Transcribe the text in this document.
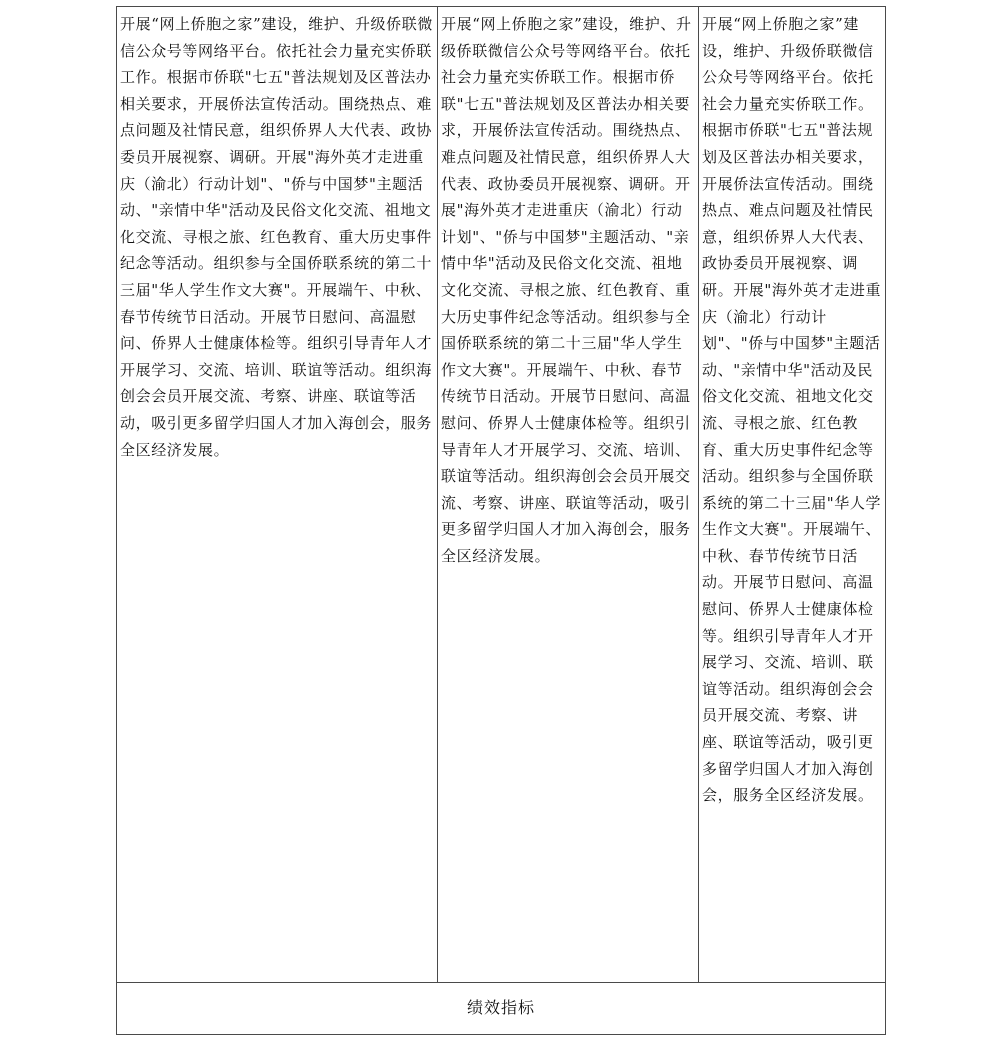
开展“网上侨胞之家”建设，维护、升级侨联微信公众号等网络平台。依托社会力量充实侨联工作。根据市侨联"七五"普法规划及区普法办相关要求，开展侨法宣传活动。围绕热点、难点问题及社情民意，组织侨界人大代表、政协委员开展视察、调研。开展"海外英才走进重庆（渝北）行动计划"、"侨与中国梦"主题活动、"亲情中华"活动及民俗文化交流、祖地文化交流、寻根之旅、红色教育、重大历史事件纪念等活动。组织参与全国侨联系统的第二十三届"华人学生作文大赛"。开展端午、中秋、春节传统节日活动。开展节日慰问、高温慰问、侨界人士健康体检等。组织引导青年人才开展学习、交流、培训、联谊等活动。组织海创会会员开展交流、考察、讲座、联谊等活动，吸引更多留学归国人才加入海创会，服务全区经济发展。	开展“网上侨胞之家”建设，维护、升级侨联微信公众号等网络平台。依托社会力量充实侨联工作。根据市侨联"七五"普法规划及区普法办相关要求，开展侨法宣传活动。围绕热点、难点问题及社情民意，组织侨界人大代表、政协委员开展视察、调研。开展"海外英才走进重庆（渝北）行动计划"、"侨与中国梦"主题活动、"亲情中华"活动及民俗文化交流、祖地文化交流、寻根之旅、红色教育、重大历史事件纪念等活动。组织参与全国侨联系统的第二十三届"华人学生作文大赛"。开展端午、中秋、春节传统节日活动。开展节日慰问、高温慰问、侨界人士健康体检等。组织引导青年人才开展学习、交流、培训、联谊等活动。组织海创会会员开展交流、考察、讲座、联谊等活动，吸引更多留学归国人才加入海创会，服务全区经济发展。	开展“网上侨胞之家”建设，维护、升级侨联微信公众号等网络平台。依托社会力量充实侨联工作。根据市侨联"七五"普法规划及区普法办相关要求，开展侨法宣传活动。围绕热点、难点问题及社情民意，组织侨界人大代表、政协委员开展视察、调研。开展"海外英才走进重庆（渝北）行动计划"、"侨与中国梦"主题活动、"亲情中华"活动及民俗文化交流、祖地文化交流、寻根之旅、红色教育、重大历史事件纪念等活动。组织参与全国侨联系统的第二十三届"华人学生作文大赛"。开展端午、中秋、春节传统节日活动。开展节日慰问、高温慰问、侨界人士健康体检等。组织引导青年人才开展学习、交流、培训、联谊等活动。组织海创会会员开展交流、考察、讲座、联谊等活动，吸引更多留学归国人才加入海创会，服务全区经济发展。
绩效指标
